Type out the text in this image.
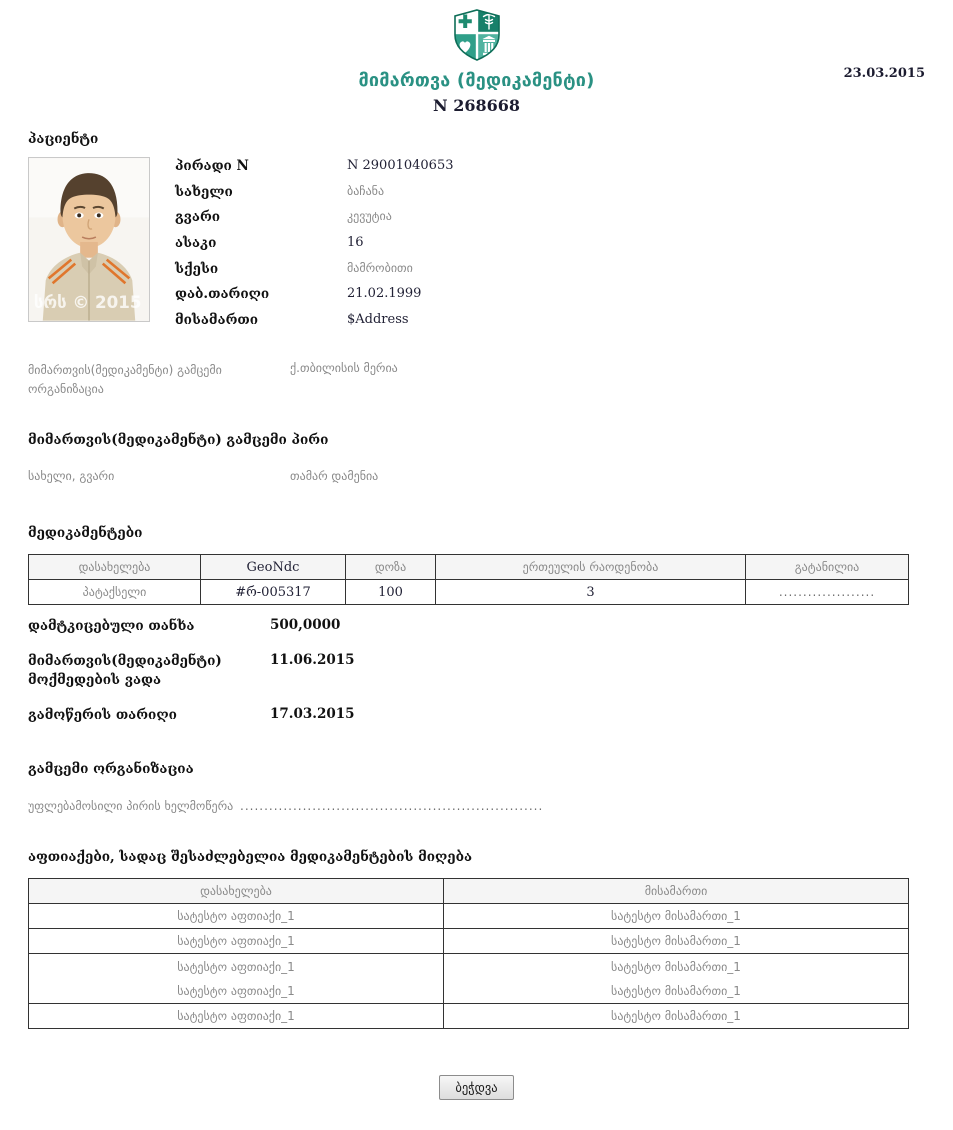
მიმართვა (მედიკამენტი)
N 268668
23.03.2015
პაციენტი
სრს © 2015
პირადი N	N 29001040653
სახელი	ბაჩანა
გვარი	კევუტია
ასაკი	16
სქესი	მამრობითი
დაბ.თარიღი	21.02.1999
მისამართი	$Address
მიმართვის(მედიკამენტი) გამცემი ორგანიზაცია
ქ.თბილისის მერია
მიმართვის(მედიკამენტი) გამცემი პირი
სახელი, გვარი	თამარ დამენია
მედიკამენტები
დასახელება	GeoNdc	დოზა	ერთეულის რაოდენობა	გატანილია
პატაქსელი	#რ-005317	100	3	....................
დამტკიცებული თანხა	500,0000
მიმართვის(მედიკამენტი) მოქმედების ვადა
11.06.2015
გამოწერის თარიღი	17.03.2015
გამცემი ორგანიზაცია
უფლებამოსილი პირის ხელმოწერა ...............................................................
აფთიაქები, სადაც შესაძლებელია მედიკამენტების მიღება
დასახელება	მისამართი
სატესტო აფთიაქი_1	სატესტო მისამართი_1
სატესტო აფთიაქი_1	სატესტო მისამართი_1
სატესტო აფთიაქი_1	სატესტო მისამართი_1
სატესტო აფთიაქი_1	სატესტო მისამართი_1
სატესტო აფთიაქი_1	სატესტო მისამართი_1
ბეჭდვა
